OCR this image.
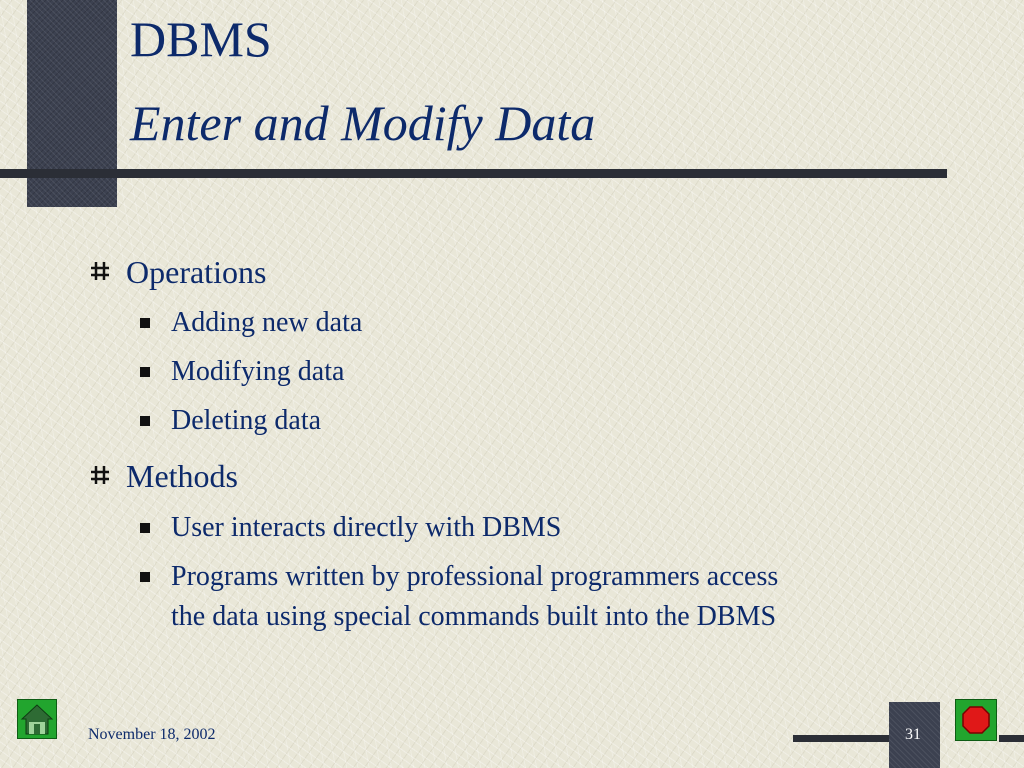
DBMS
Enter and Modify Data
Operations
Adding new data
Modifying data
Deleting data
Methods
User interacts directly with DBMS
Programs written by professional programmers access
the data using special commands built into the DBMS
November 18, 2002	31
